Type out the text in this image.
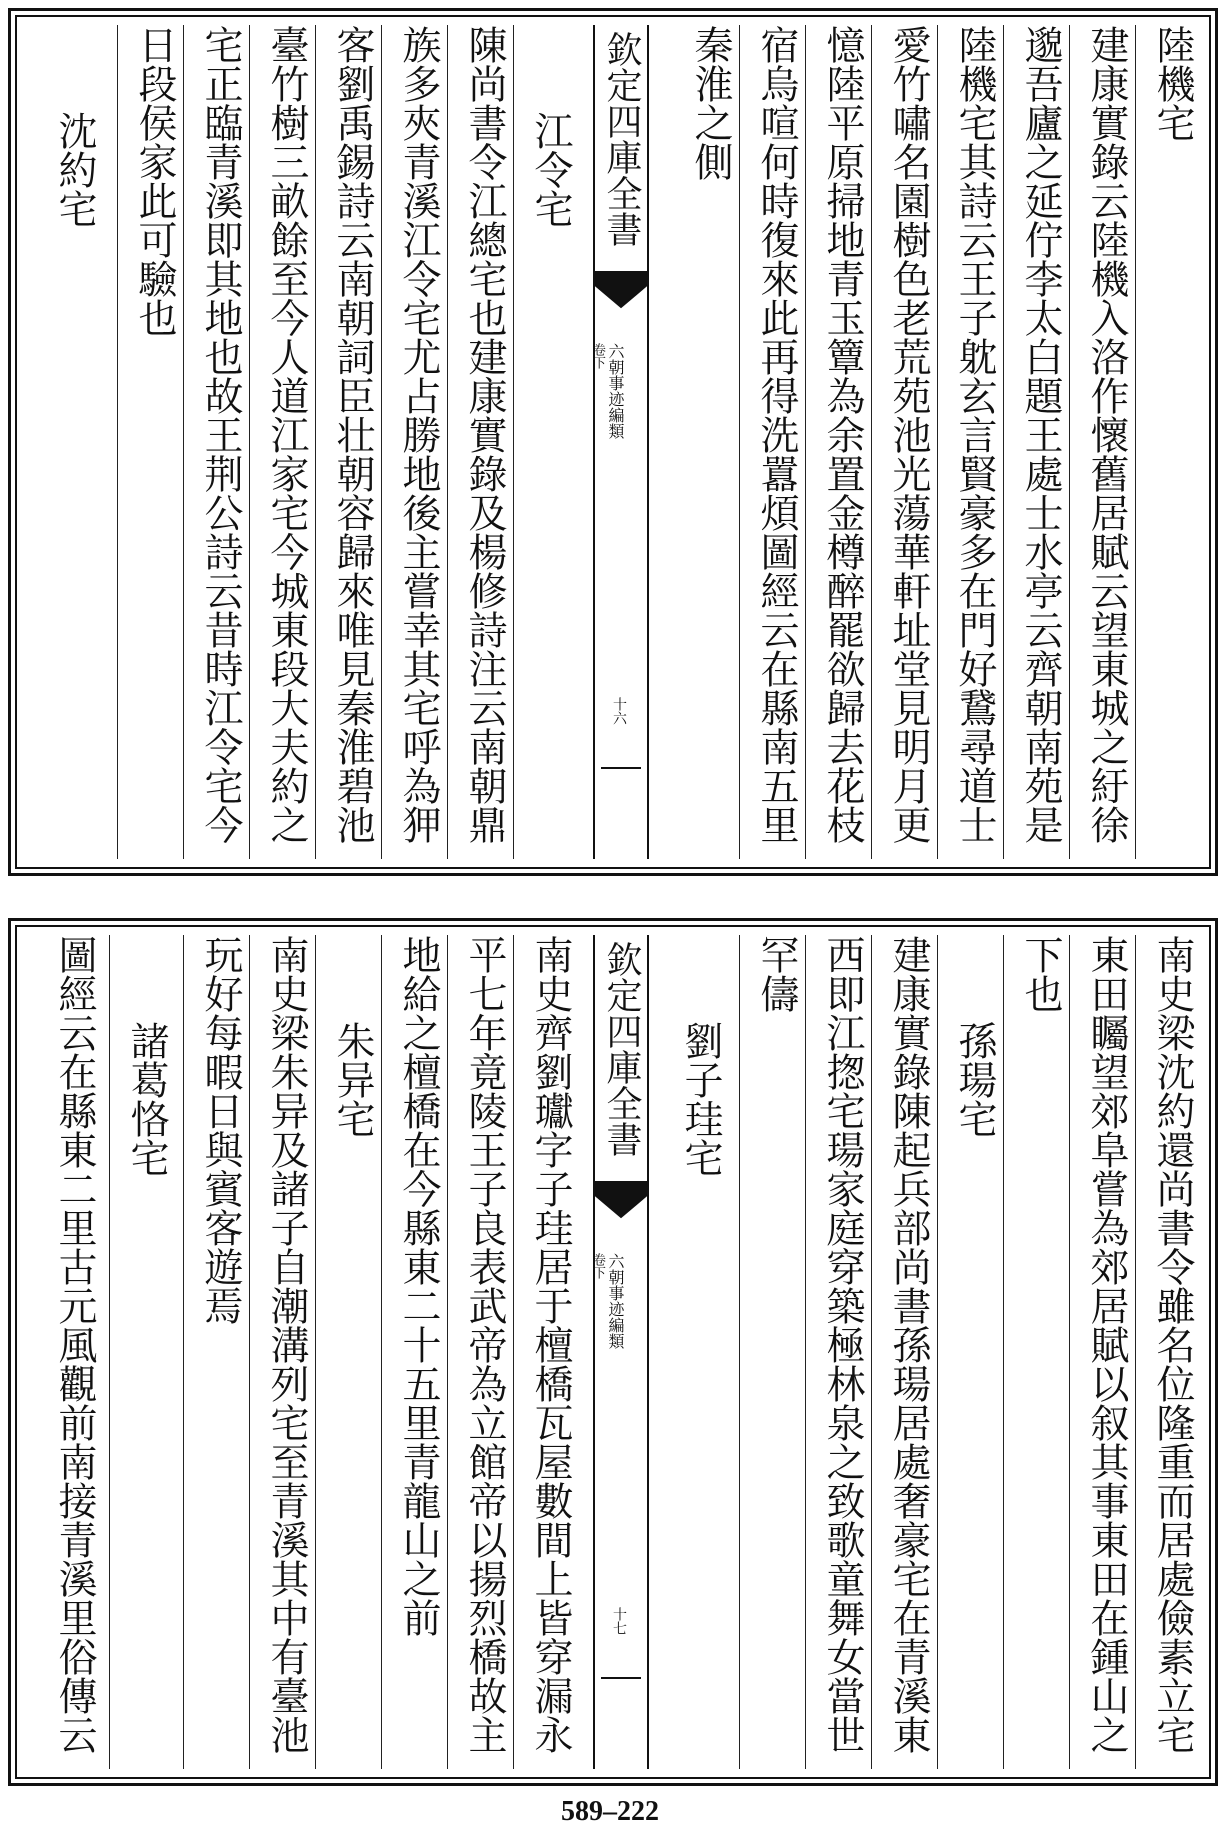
陸機宅
建康實錄云陸機入洛作懷舊居賦云望東城之紆徐
邈吾廬之延佇李太白題王處士水亭云齊朝南苑是
陸機宅其詩云王子躭玄言賢豪多在門好鵞尋道士
愛竹嘯名園樹色老荒苑池光蕩華軒址堂見明月更
憶陸平原掃地青玉簟為余置金樽醉罷欲歸去花枝
宿烏喧何時復來此再得洗囂煩圖經云在縣南五里
秦淮之側
欽定四庫全書
六朝事迹編類
卷下
十六
江令宅
陳尚書令江總宅也建康實錄及楊修詩注云南朝鼎
族多夾青溪江令宅尤占勝地後主嘗幸其宅呼為狎
客劉禹錫詩云南朝詞臣壮朝容歸來唯見秦淮碧池
臺竹樹三畝餘至今人道江家宅今城東段大夫約之
宅正臨青溪即其地也故王荆公詩云昔時江令宅今
日段侯家此可驗也
沈約宅
南史梁沈約還尚書令雖名位隆重而居處儉素立宅
東田矚望郊阜嘗為郊居賦以叙其事東田在鍾山之
下也
孫瑒宅
建康實錄陳起兵部尚書孫瑒居處奢豪宅在青溪東
西即江揔宅瑒家庭穿築極林泉之致歌童舞女當世
罕儔
劉子珪宅
欽定四庫全書
六朝事迹編類
卷下
十七
南史齊劉瓛字子珪居于檀橋瓦屋數間上皆穿漏永
平七年竟陵王子良表武帝為立館帝以揚烈橋故主
地給之檀橋在今縣東二十五里青龍山之前
朱异宅
南史梁朱异及諸子自潮溝列宅至青溪其中有臺池
玩好每暇日與賓客遊焉
諸葛恪宅
圖經云在縣東二里古元風觀前南接青溪里俗傳云
589–222
